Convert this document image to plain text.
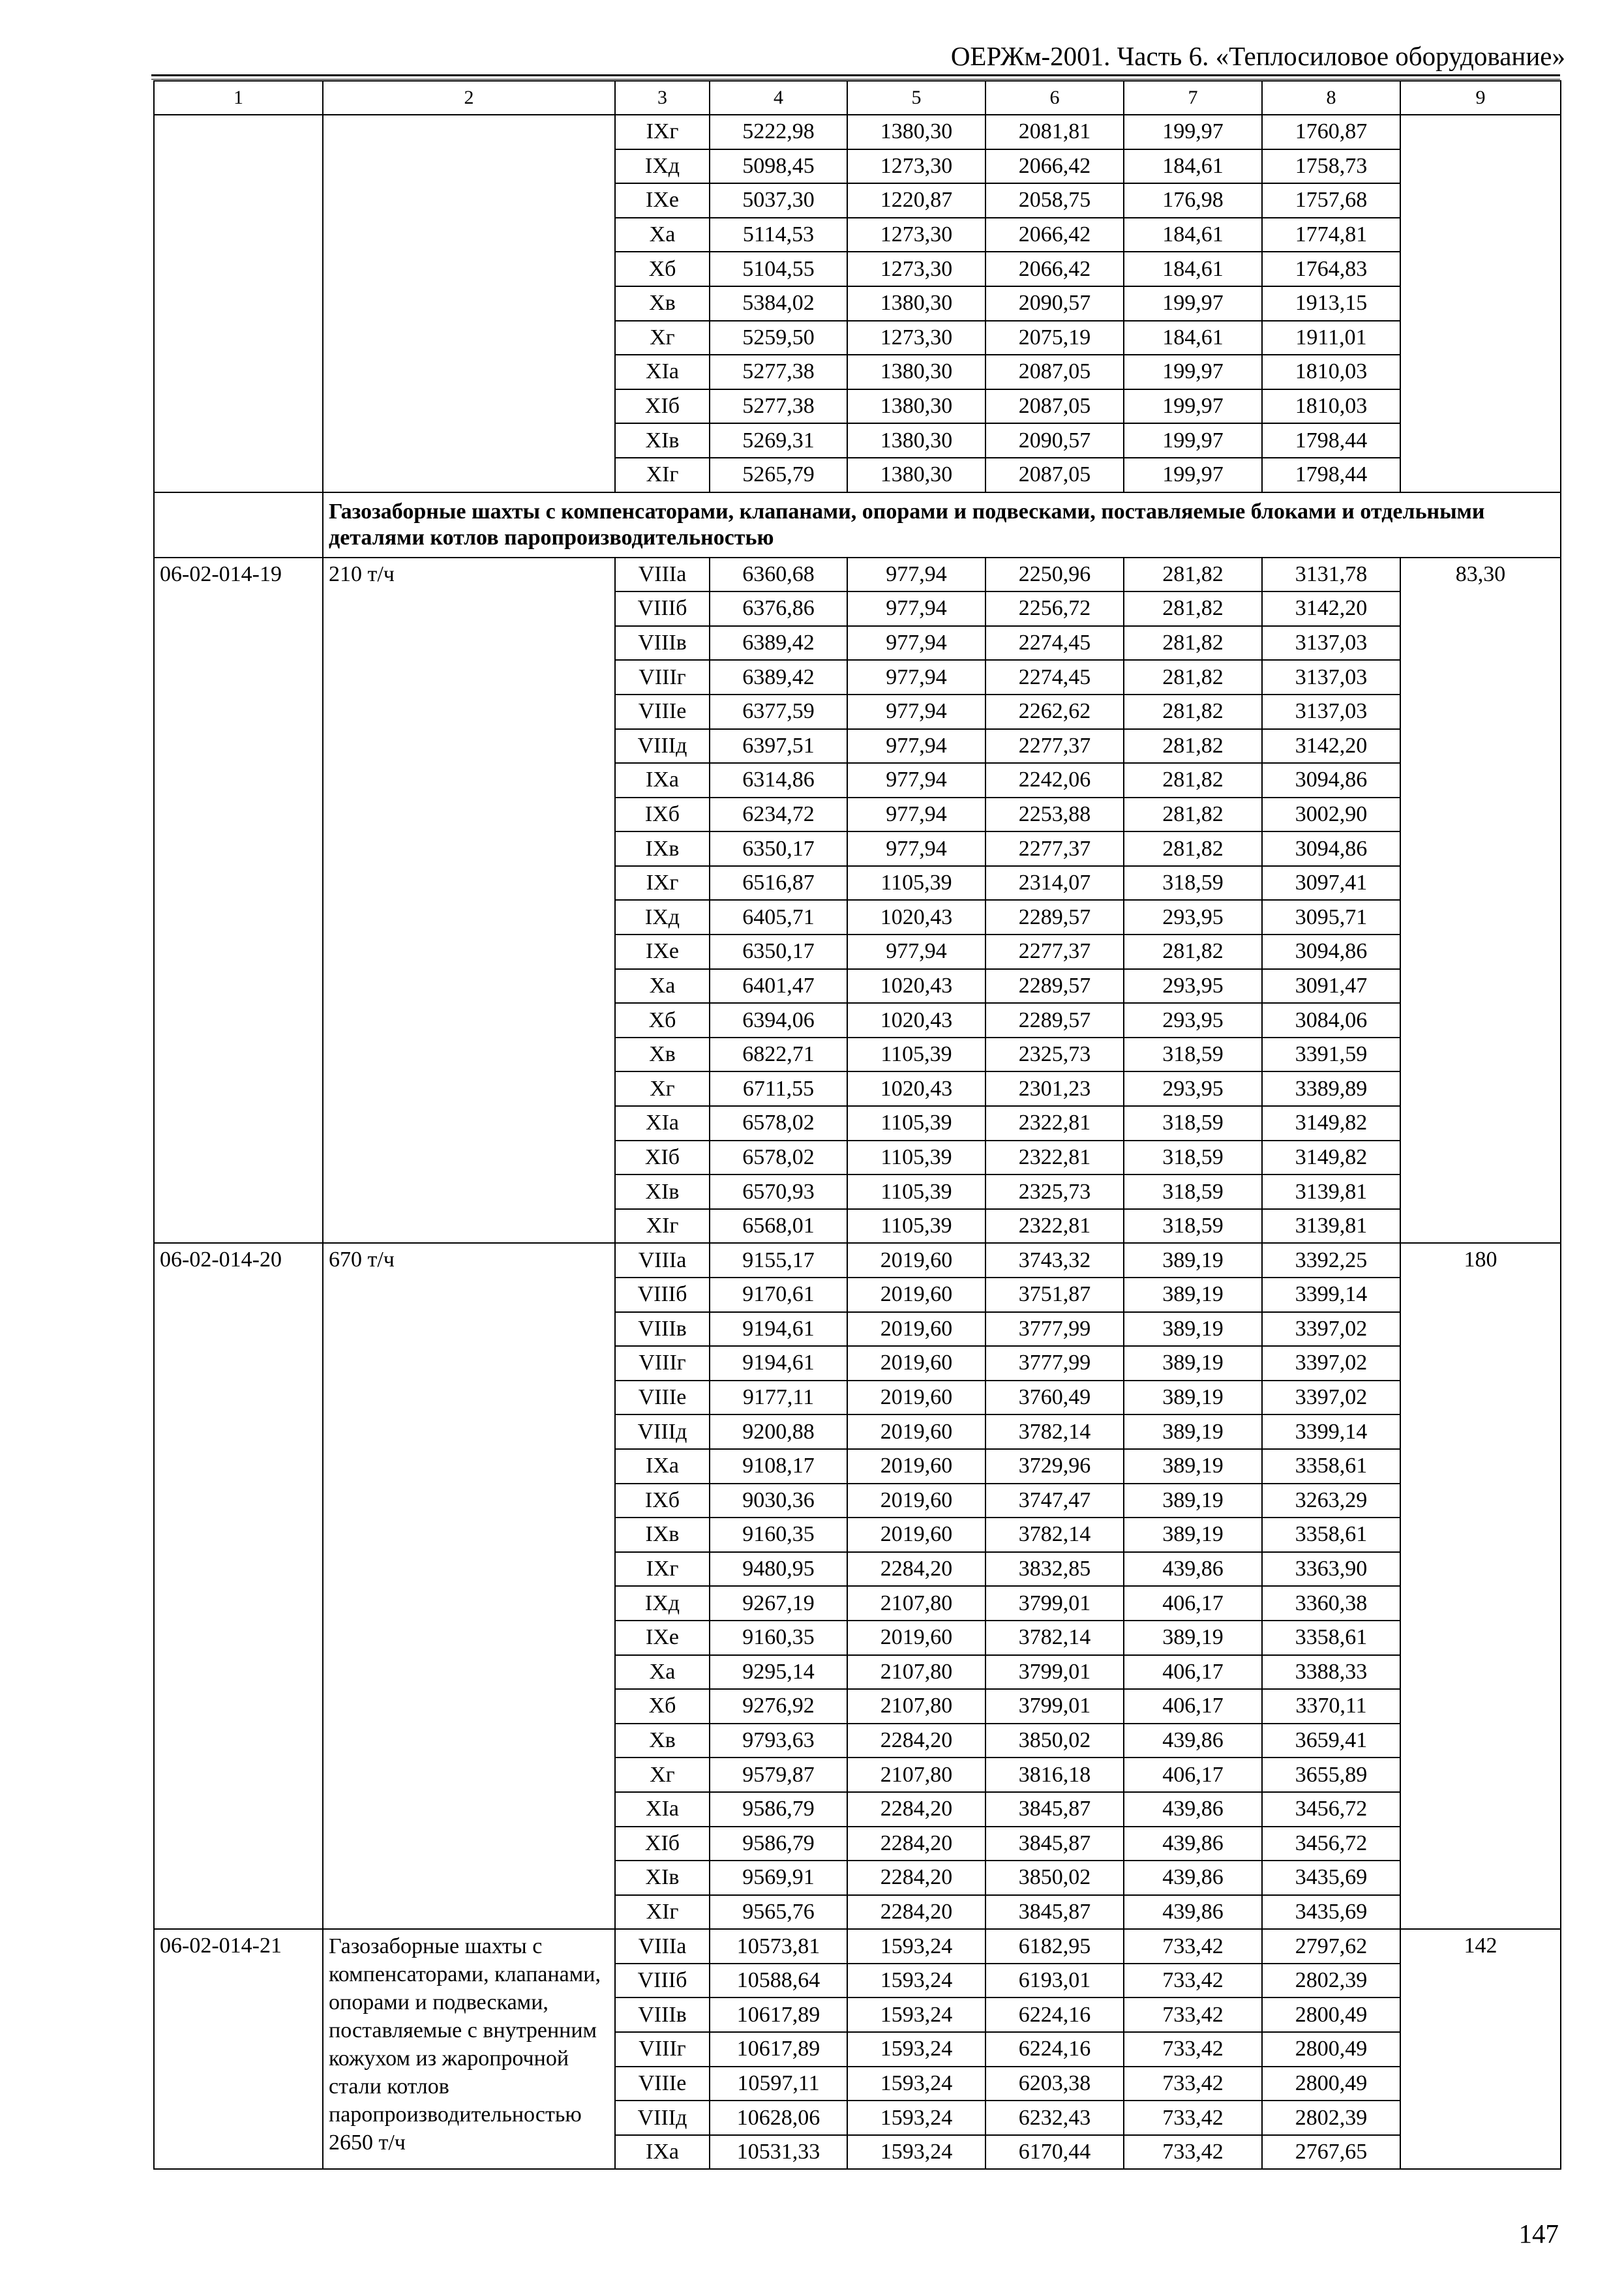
ОЕРЖм-2001. Часть 6. «Теплосиловое оборудование»
1	2	3	4	5	6	7	8	9
		IXг	5222,98	1380,30	2081,81	199,97	1760,87	
		IXд	5098,45	1273,30	2066,42	184,61	1758,73	
		IXе	5037,30	1220,87	2058,75	176,98	1757,68	
		Xа	5114,53	1273,30	2066,42	184,61	1774,81	
		Xб	5104,55	1273,30	2066,42	184,61	1764,83	
		Xв	5384,02	1380,30	2090,57	199,97	1913,15	
		Xг	5259,50	1273,30	2075,19	184,61	1911,01	
		XIа	5277,38	1380,30	2087,05	199,97	1810,03	
		XIб	5277,38	1380,30	2087,05	199,97	1810,03	
		XIв	5269,31	1380,30	2090,57	199,97	1798,44	
		XIг	5265,79	1380,30	2087,05	199,97	1798,44	
	Газозаборные шахты с компенсаторами, клапанами, опорами и подвесками, поставляемые блоками и отдельными деталями котлов паропроизводительностью							
06-02-014-19	210 т/ч	VIIIа	6360,68	977,94	2250,96	281,82	3131,78	83,30
		VIIIб	6376,86	977,94	2256,72	281,82	3142,20	
		VIIIв	6389,42	977,94	2274,45	281,82	3137,03	
		VIIIг	6389,42	977,94	2274,45	281,82	3137,03	
		VIIIе	6377,59	977,94	2262,62	281,82	3137,03	
		VIIIд	6397,51	977,94	2277,37	281,82	3142,20	
		IXа	6314,86	977,94	2242,06	281,82	3094,86	
		IXб	6234,72	977,94	2253,88	281,82	3002,90	
		IXв	6350,17	977,94	2277,37	281,82	3094,86	
		IXг	6516,87	1105,39	2314,07	318,59	3097,41	
		IXд	6405,71	1020,43	2289,57	293,95	3095,71	
		IXе	6350,17	977,94	2277,37	281,82	3094,86	
		Xа	6401,47	1020,43	2289,57	293,95	3091,47	
		Xб	6394,06	1020,43	2289,57	293,95	3084,06	
		Xв	6822,71	1105,39	2325,73	318,59	3391,59	
		Xг	6711,55	1020,43	2301,23	293,95	3389,89	
		XIа	6578,02	1105,39	2322,81	318,59	3149,82	
		XIб	6578,02	1105,39	2322,81	318,59	3149,82	
		XIв	6570,93	1105,39	2325,73	318,59	3139,81	
		XIг	6568,01	1105,39	2322,81	318,59	3139,81	
06-02-014-20	670 т/ч	VIIIа	9155,17	2019,60	3743,32	389,19	3392,25	180
		VIIIб	9170,61	2019,60	3751,87	389,19	3399,14	
		VIIIв	9194,61	2019,60	3777,99	389,19	3397,02	
		VIIIг	9194,61	2019,60	3777,99	389,19	3397,02	
		VIIIе	9177,11	2019,60	3760,49	389,19	3397,02	
		VIIIд	9200,88	2019,60	3782,14	389,19	3399,14	
		IXа	9108,17	2019,60	3729,96	389,19	3358,61	
		IXб	9030,36	2019,60	3747,47	389,19	3263,29	
		IXв	9160,35	2019,60	3782,14	389,19	3358,61	
		IXг	9480,95	2284,20	3832,85	439,86	3363,90	
		IXд	9267,19	2107,80	3799,01	406,17	3360,38	
		IXе	9160,35	2019,60	3782,14	389,19	3358,61	
		Xа	9295,14	2107,80	3799,01	406,17	3388,33	
		Xб	9276,92	2107,80	3799,01	406,17	3370,11	
		Xв	9793,63	2284,20	3850,02	439,86	3659,41	
		Xг	9579,87	2107,80	3816,18	406,17	3655,89	
		XIа	9586,79	2284,20	3845,87	439,86	3456,72	
		XIб	9586,79	2284,20	3845,87	439,86	3456,72	
		XIв	9569,91	2284,20	3850,02	439,86	3435,69	
		XIг	9565,76	2284,20	3845,87	439,86	3435,69	
06-02-014-21	Газозаборные шахты с компенсаторами, клапанами, опорами и подвесками, поставляемые с внутренним кожухом из жаропрочной стали котлов паропроизводительностью 2650 т/ч	VIIIа	10573,81	1593,24	6182,95	733,42	2797,62	142
		VIIIб	10588,64	1593,24	6193,01	733,42	2802,39	
		VIIIв	10617,89	1593,24	6224,16	733,42	2800,49	
		VIIIг	10617,89	1593,24	6224,16	733,42	2800,49	
		VIIIе	10597,11	1593,24	6203,38	733,42	2800,49	
		VIIIд	10628,06	1593,24	6232,43	733,42	2802,39	
		IXа	10531,33	1593,24	6170,44	733,42	2767,65	
147
